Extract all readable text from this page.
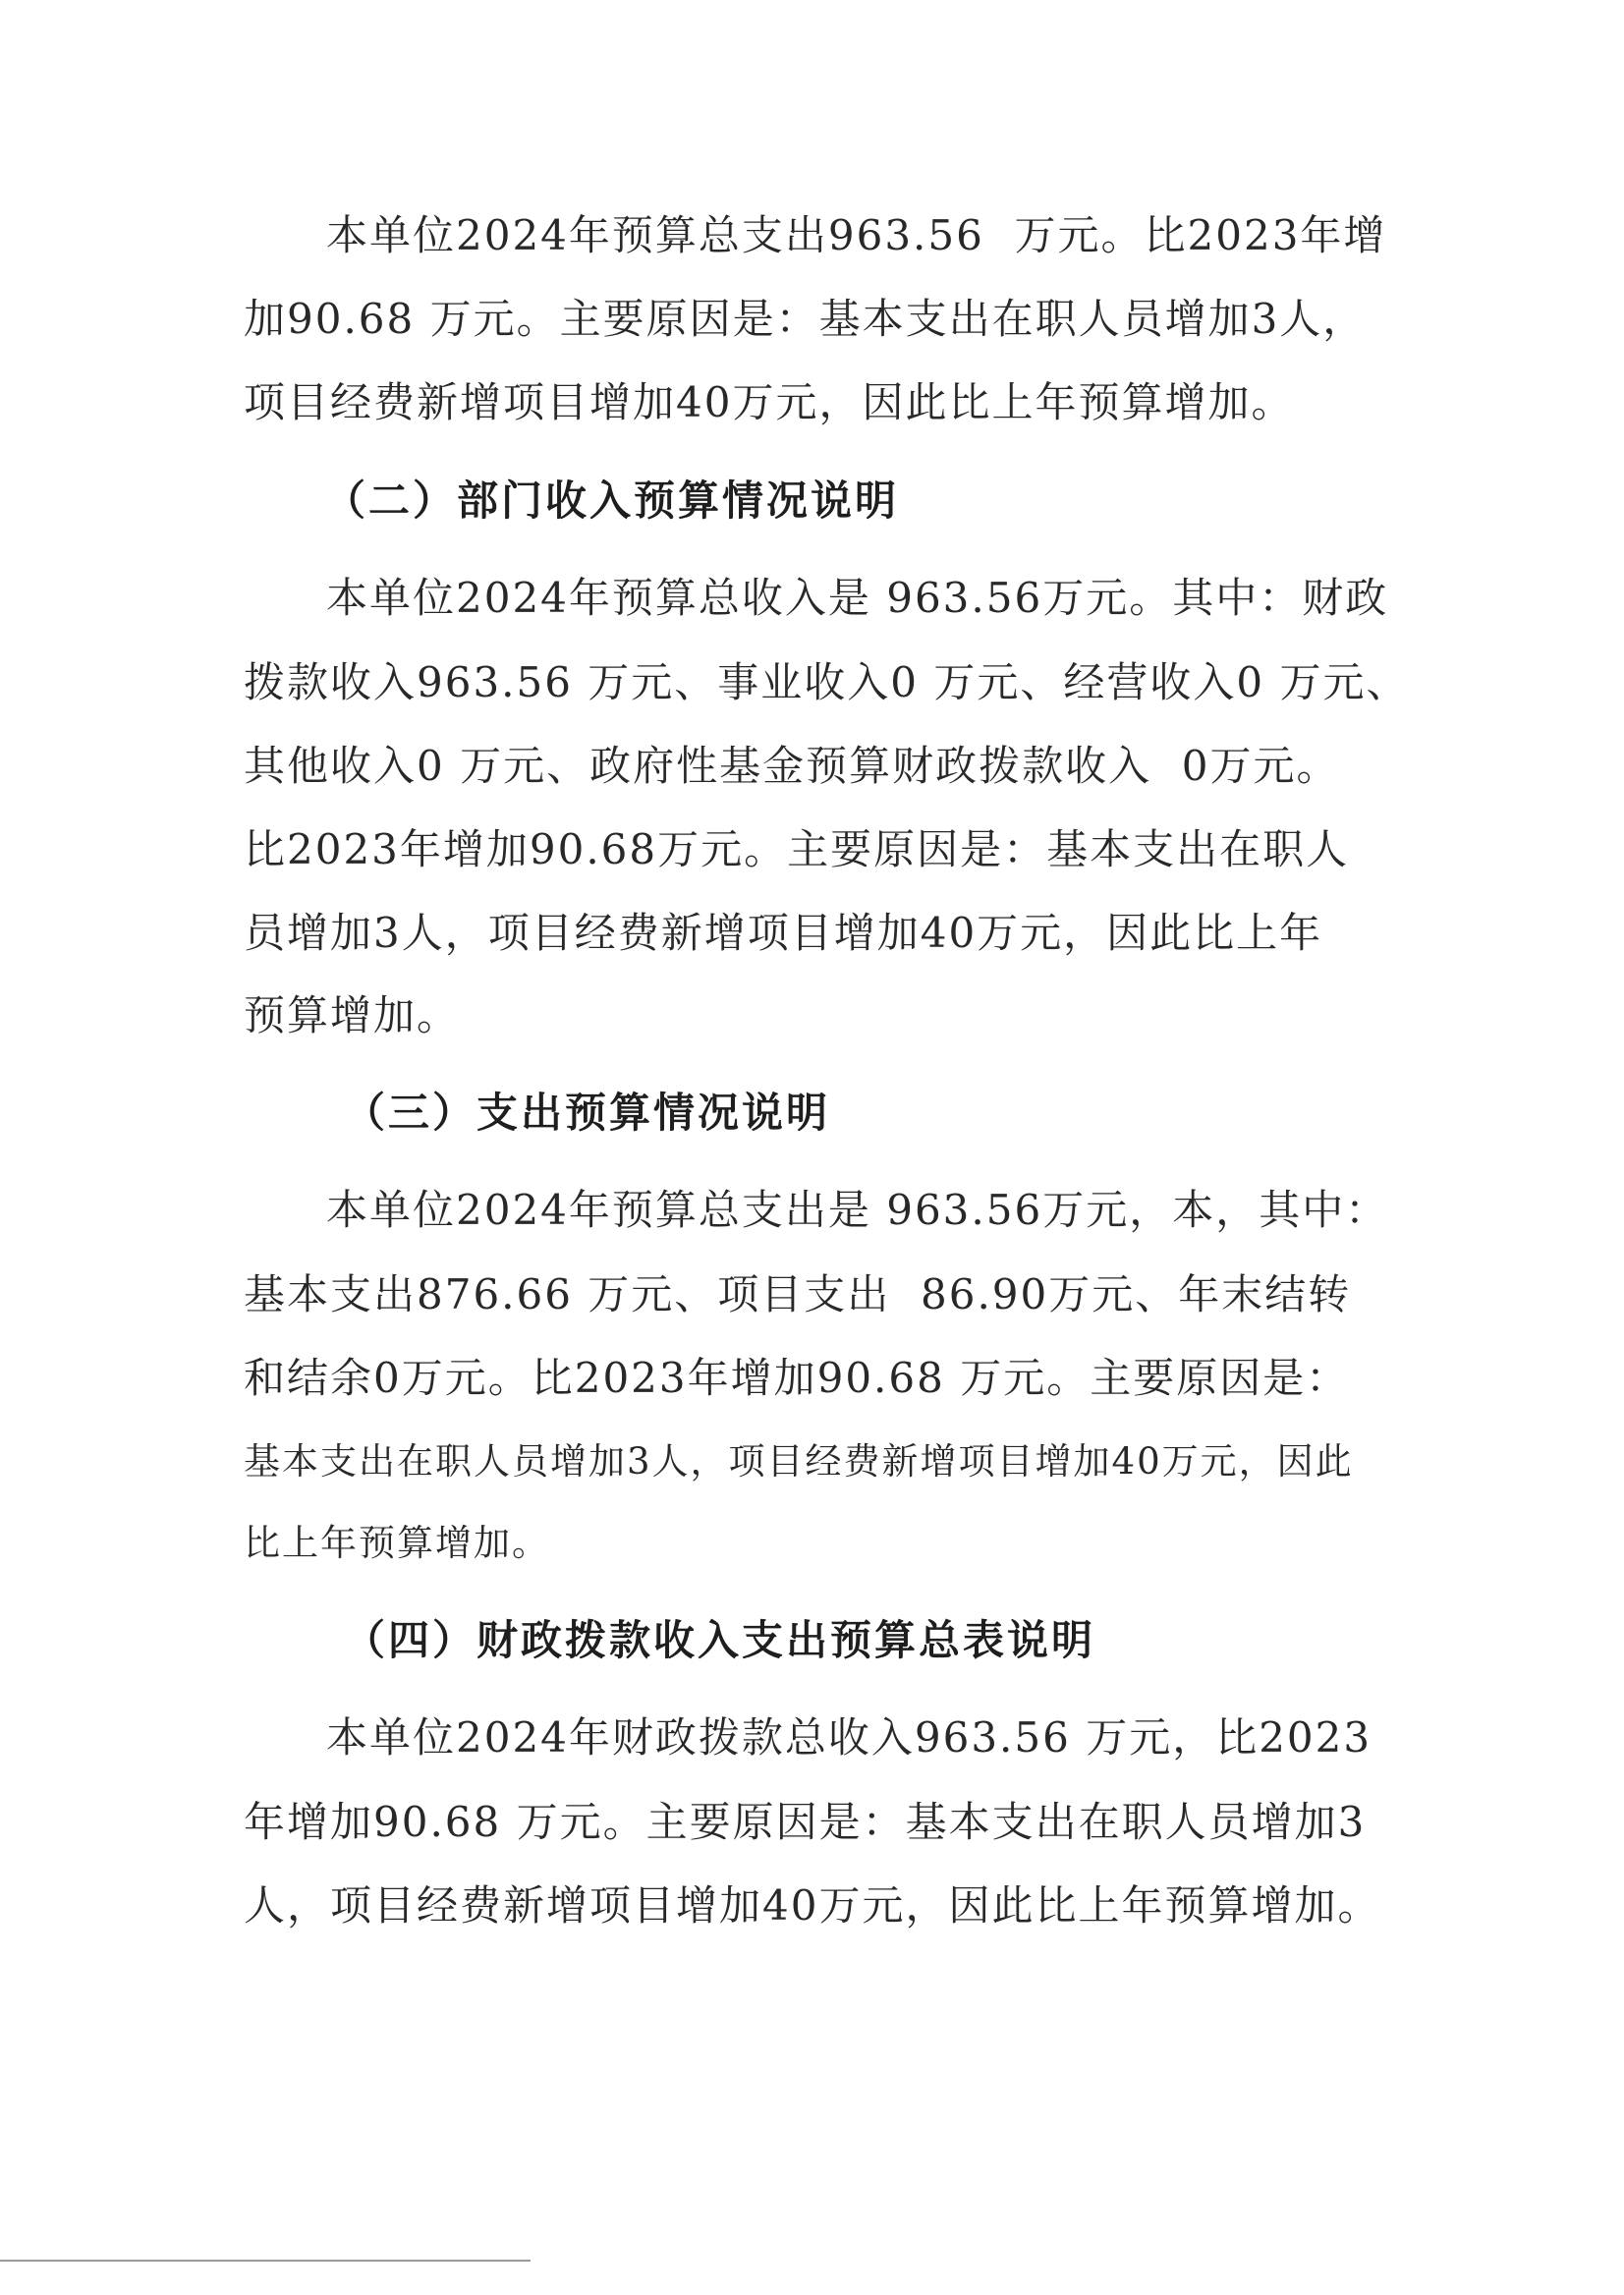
本单位2024年预算总支出963.56  万元。比2023年增
加90.68 万元。主要原因是：基本支出在职人员增加3人，
项目经费新增项目增加40万元，因此比上年预算增加。
（二）部门收入预算情况说明
本单位2024年预算总收入是 963.56万元。其中：财政
拨款收入963.56 万元、事业收入0 万元、经营收入0 万元、
其他收入0 万元、政府性基金预算财政拨款收入  0万元。
比2023年增加90.68万元。主要原因是：基本支出在职人
员增加3人，项目经费新增项目增加40万元，因此比上年
预算增加。
（三）支出预算情况说明
本单位2024年预算总支出是 963.56万元，本，其中：
基本支出876.66 万元、项目支出  86.90万元、年末结转
和结余0万元。比2023年增加90.68 万元。主要原因是：
基本支出在职人员增加3人，项目经费新增项目增加40万元，因此
比上年预算增加。
（四）财政拨款收入支出预算总表说明
本单位2024年财政拨款总收入963.56 万元，比2023
年增加90.68 万元。主要原因是：基本支出在职人员增加3
人，项目经费新增项目增加40万元，因此比上年预算增加。
